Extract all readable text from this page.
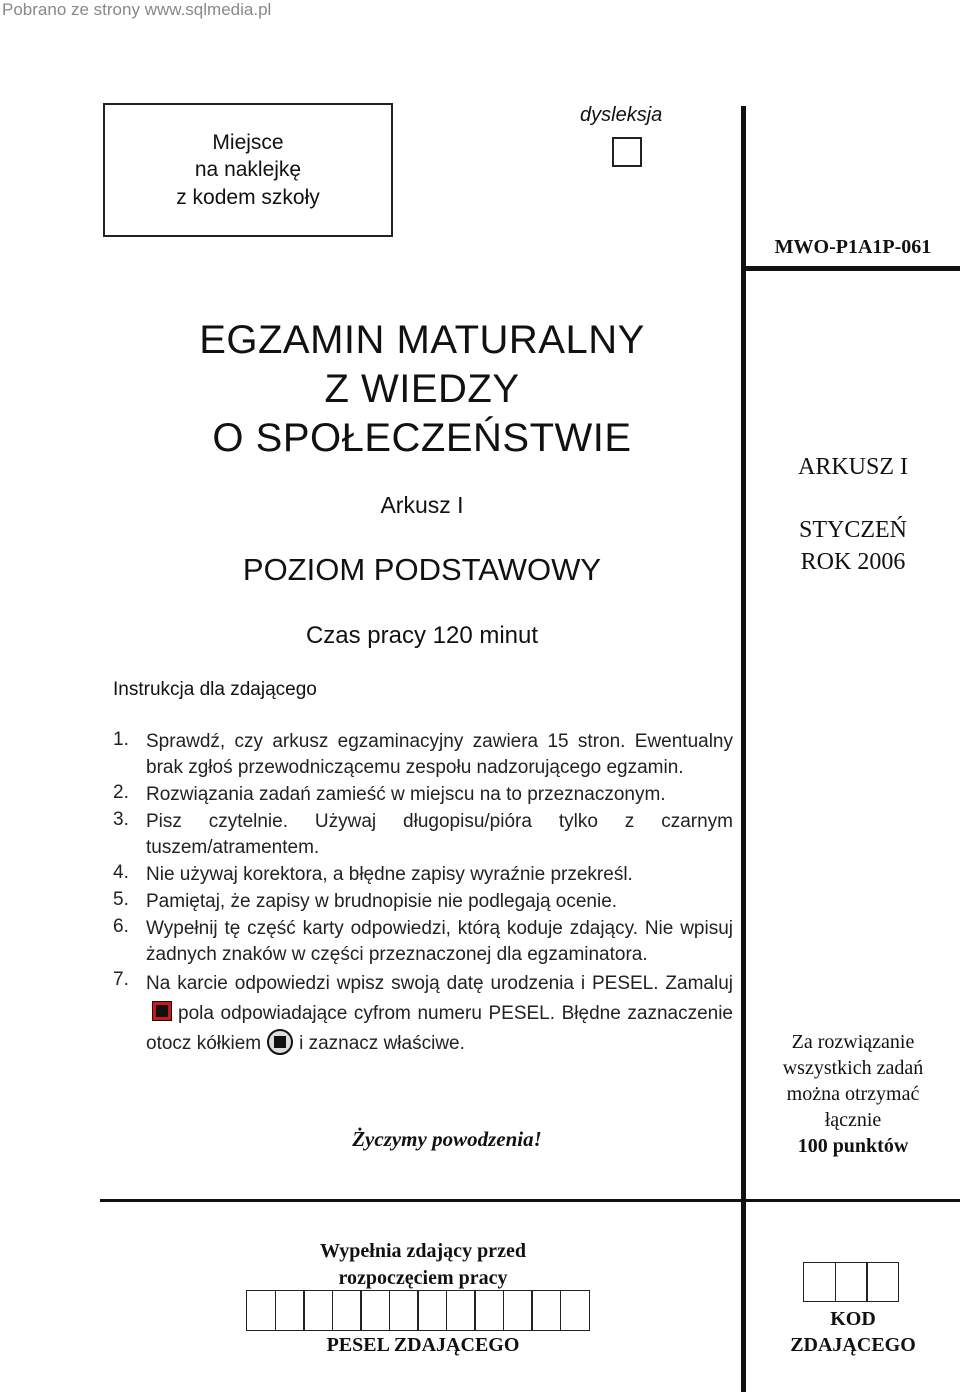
Pobrano ze strony www.sqlmedia.pl
Miejsce
na naklejkę
z kodem szkoły
dysleksja
MWO-P1A1P-061
EGZAMIN MATURALNY
Z WIEDZY
O SPOŁECZEŃSTWIE
Arkusz I
POZIOM PODSTAWOWY
Czas pracy 120 minut
ARKUSZ I
STYCZEŃ
ROK 2006
Instrukcja dla zdającego
1. Sprawdź, czy arkusz egzaminacyjny zawiera 15 stron. Ewentualny brak zgłoś przewodniczącemu zespołu nadzorującego egzamin.
2. Rozwiązania zadań zamieść w miejscu na to przeznaczonym.
3. Pisz czytelnie. Używaj długopisu/pióra tylko z czarnym tuszem/atramentem.
4. Nie używaj korektora, a błędne zapisy wyraźnie przekreśl.
5. Pamiętaj, że zapisy w brudnopisie nie podlegają ocenie.
6. Wypełnij tę część karty odpowiedzi, którą koduje zdający. Nie wpisuj żadnych znaków w części przeznaczonej dla egzaminatora.
7. Na karcie odpowiedzi wpisz swoją datę urodzenia i PESEL. Zamalujpola odpowiadające cyfrom numeru PESEL. Błędne zaznaczenie otocz kółkiem i zaznacz właściwe.
Życzymy powodzenia!
Za rozwiązanie
wszystkich zadań
można otrzymać
łącznie
100 punktów
Wypełnia zdający przed
rozpoczęciem pracy
PESEL ZDAJĄCEGO
KOD
ZDAJĄCEGO
